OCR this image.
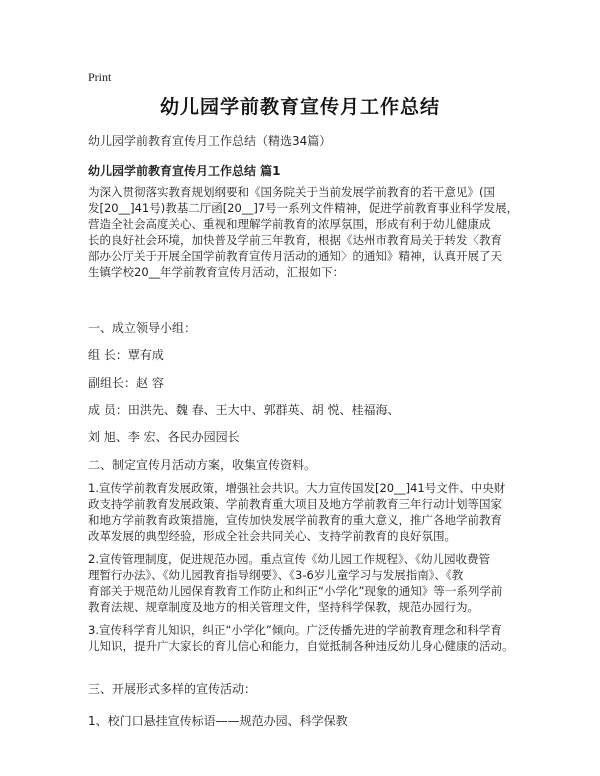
Print
幼儿园学前教育宣传月工作总结
幼儿园学前教育宣传月工作总结（精选34篇）
幼儿园学前教育宣传月工作总结 篇1
为深入贯彻落实教育规划纲要和《国务院关于当前发展学前教育的若干意见》(国
发[20__]41号)教基二厅函[20__]7号一系列文件精神，促进学前教育事业科学发展，
营造全社会高度关心、重视和理解学前教育的浓厚氛围，形成有利于幼儿健康成
长的良好社会环境，加快普及学前三年教育，根据《达州市教育局关于转发〈教育
部办公厅关于开展全国学前教育宣传月活动的通知〉的通知》精神，认真开展了天
生镇学校20__年学前教育宣传月活动，汇报如下：
一、成立领导小组：
组 长：覃有成
副组长：赵 容
成 员：田洪先、魏 春、王大中、郭群英、胡 悦、桂福海、
刘 旭、李 宏、各民办园园长
二、制定宣传月活动方案，收集宣传资料。
1.宣传学前教育发展政策，增强社会共识。大力宣传国发[20__]41号文件、中央财
政支持学前教育发展政策、学前教育重大项目及地方学前教育三年行动计划等国家
和地方学前教育政策措施，宣传加快发展学前教育的重大意义，推广各地学前教育
改革发展的典型经验，形成全社会共同关心、支持学前教育的良好氛围。
2.宣传管理制度，促进规范办园。重点宣传《幼儿园工作规程》、《幼儿园收费管
理暂行办法》、《幼儿园教育指导纲要》、《3-6岁儿童学习与发展指南》、《教
育部关于规范幼儿园保育教育工作防止和纠正“小学化”现象的通知》等一系列学前
教育法规、规章制度及地方的相关管理文件，坚持科学保教，规范办园行为。
3.宣传科学育儿知识，纠正“小学化”倾向。广泛传播先进的学前教育理念和科学育
儿知识，提升广大家长的育儿信心和能力，自觉抵制各种违反幼儿身心健康的活动。
三、开展形式多样的宣传活动：
1、校门口悬挂宣传标语——规范办园、科学保教
